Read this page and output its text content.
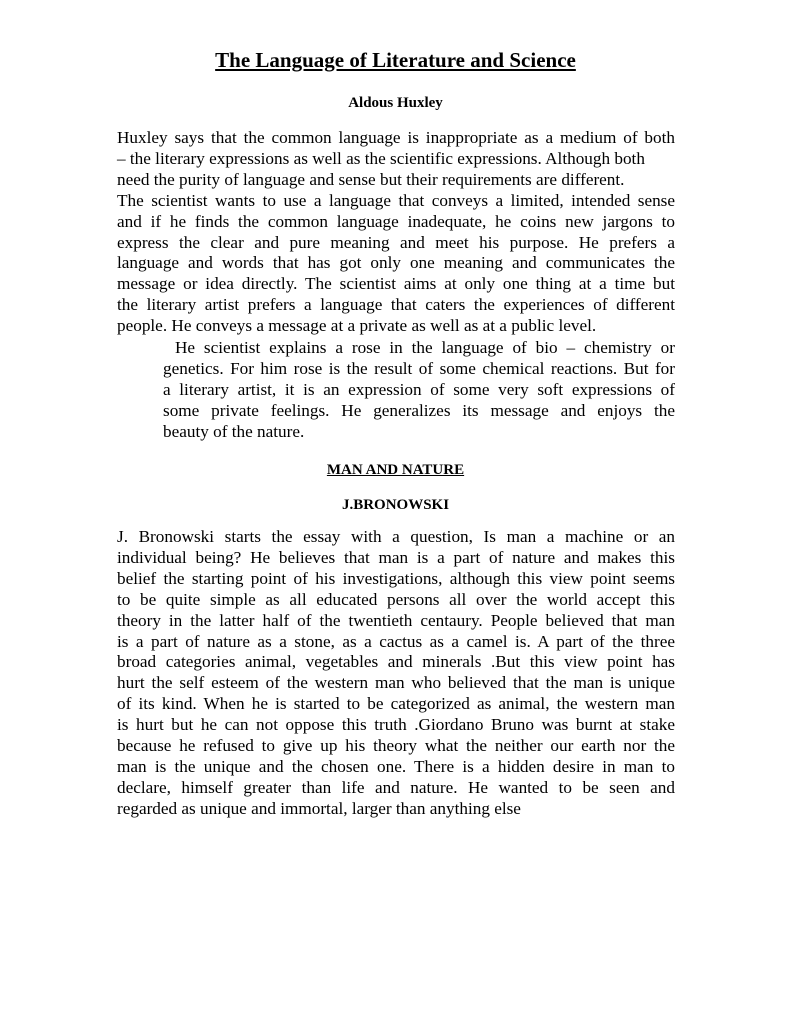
The Language of Literature and Science

Aldous Huxley

Huxley says that the common language is inappropriate as a medium of both
– the literary expressions as well as the scientific expressions. Although both
need the purity of language and sense but their requirements are different.
The scientist wants to use a language that conveys a limited, intended sense
and if he finds the common language inadequate, he coins new jargons to
express the clear and pure meaning and meet his purpose. He prefers a
language and words that has got only one meaning and communicates the
message or idea directly. The scientist aims at only one thing at a time but
the literary artist prefers a language that caters the experiences of different
people. He conveys a message at a private as well as at a public level.
He scientist explains a rose in the language of bio – chemistry or
genetics. For him rose is the result of some chemical reactions. But for
a literary artist, it is an expression of some very soft expressions of
some private feelings. He generalizes its message and enjoys the
beauty of the nature.

MAN AND NATURE

J.BRONOWSKI

J. Bronowski starts the essay with a question, Is man a machine or an
individual being? He believes that man is a part of nature and makes this
belief the starting point of his investigations, although this view point seems
to be quite simple as all educated persons all over the world accept this
theory in the latter half of the twentieth centaury. People believed that man
is a part of nature as a stone, as a cactus as a camel is. A part of the three
broad categories animal, vegetables and minerals .But this view point has
hurt the self esteem of the western man who believed that the man is unique
of its kind. When he is started to be categorized as animal, the western man
is hurt but he can not oppose this truth .Giordano Bruno was burnt at stake
because he refused to give up his theory what the neither our earth nor the
man is the unique and the chosen one. There is a hidden desire in man to
declare, himself greater than life and nature. He wanted to be seen and
regarded as unique and immortal, larger than anything else
